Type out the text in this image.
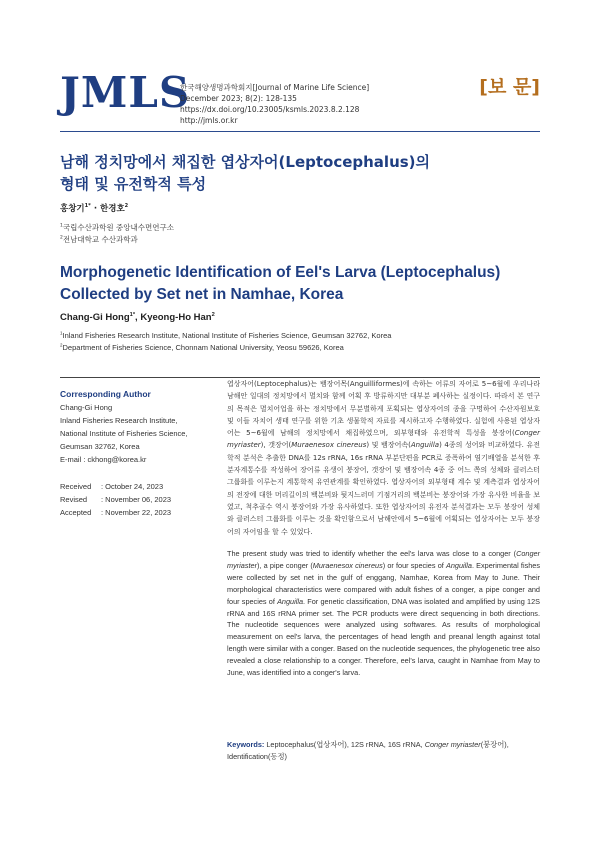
JMLS
한국해양생명과학회지[Journal of Marine Life Science]
December 2023; 8(2): 128-135
https://dx.doi.org/10.23005/ksmls.2023.8.2.128
http://jmls.or.kr
[보 문]
남해 정치망에서 채집한 엽상자어(Leptocephalus)의
형태 및 유전학적 특성
홍창기$^{1*}$ · 한경호$^2$
$^1$국립수산과학원 중앙내수면연구소
$^2$전남대학교 수산과학과
Morphogenetic Identification of Eel's Larva (Leptocephalus)
Collected by Set net in Namhae, Korea
Chang-Gi Hong$^{1*}$, Kyeong-Ho Han$^2$
$^1$Inland Fisheries Research Institute, National Institute of Fisheries Science, Geumsan 32762, Korea
$^2$Department of Fisheries Science, Chonnam National University, Yeosu 59626, Korea
Corresponding Author
Chang-Gi Hong
Inland Fisheries Research Institute,
National Institute of Fisheries Science,
Geumsan 32762, Korea
E-mail : ckhong@korea.kr
Received : October 24, 2023
Revised : November 06, 2023
Accepted : November 22, 2023
엽상자어(Leptocephalus)는 뱀장어목(Anguilliformes)에 속하는 어류의 자어로 5~6월에 우리나라 남해안 일대의 정치망에서 멸치와 함께 어획 후 방류하지만 대부분 폐사하는 실정이다. 따라서 본 연구의 목적은 멸치어업을 하는 정치망에서 무분별하게 포획되는 엽상자어의 종을 구명하여 수산자원보호 및 이들 자치어 생태 연구를 위한 기초 생물학적 자료를 제시하고자 수행하였다. 실험에 사용된 엽상자어는 5~6월에 남해의 정치망에서 채집하였으며, 외부형태와 유전학적 특성을 붕장어(Conger myriaster), 갯장어(Muraenesox cinereus) 및 뱀장어속(Anguilla) 4종의 성어와 비교하였다. 유전학적 분석은 추출한 DNA를 12s rRNA, 16s rRNA 부분단편을 PCR로 증폭하여 염기배열을 분석한 후 분자계통수를 작성하여 장어류 유생이 붕장어, 갯장어 및 뱀장어속 4종 중 어느 쪽의 성체와 클러스터 그룹화를 이루는지 계통학적 유연관계를 확인하였다. 엽상자어의 외부형태 계수 및 계측결과 엽상자어의 전장에 대한 머리길이의 백분비와 뒷지느러미 기점거리의 백분비는 붕장어와 가장 유사한 비율을 보였고, 척추골수 역시 붕장어와 가장 유사하였다. 또한 엽상자어의 유전자 분석결과는 모두 붕장어 성체와 클러스터 그룹화를 이루는 것을 확인함으로서 남해안에서 5~6월에 어획되는 엽상자어는 모두 붕장어의 자어임을 할 수 있었다.
The present study was tried to identify whether the eel's larva was close to a conger (Conger myriaster), a pipe conger (Muraenesox cinereus) or four species of Anguilla. Experimental fishes were collected by set net in the gulf of enggang, Namhae, Korea from May to June. Their morphological characteristics were compared with adult fishes of a conger, a pipe conger and four species of Anguilla. For genetic classification, DNA was isolated and amplified by using 12S rRNA and 16S rRNA primer set. The PCR products were direct sequencing in both directions. The nucleotide sequences were analyzed using softwares. As results of morphological measurement on eel's larva, the percentages of head length and preanal length against total length were similar with a conger. Based on the nucleotide sequences, the phylogenetic tree also revealed a close relationship to a conger. Therefore, eel's larva, caught in Namhae from May to June, was identified into a conger's larva.
Keywords: Leptocephalus(엽상자어), 12S rRNA, 16S rRNA, Conger myriaster(붕장어), Identification(동정)
